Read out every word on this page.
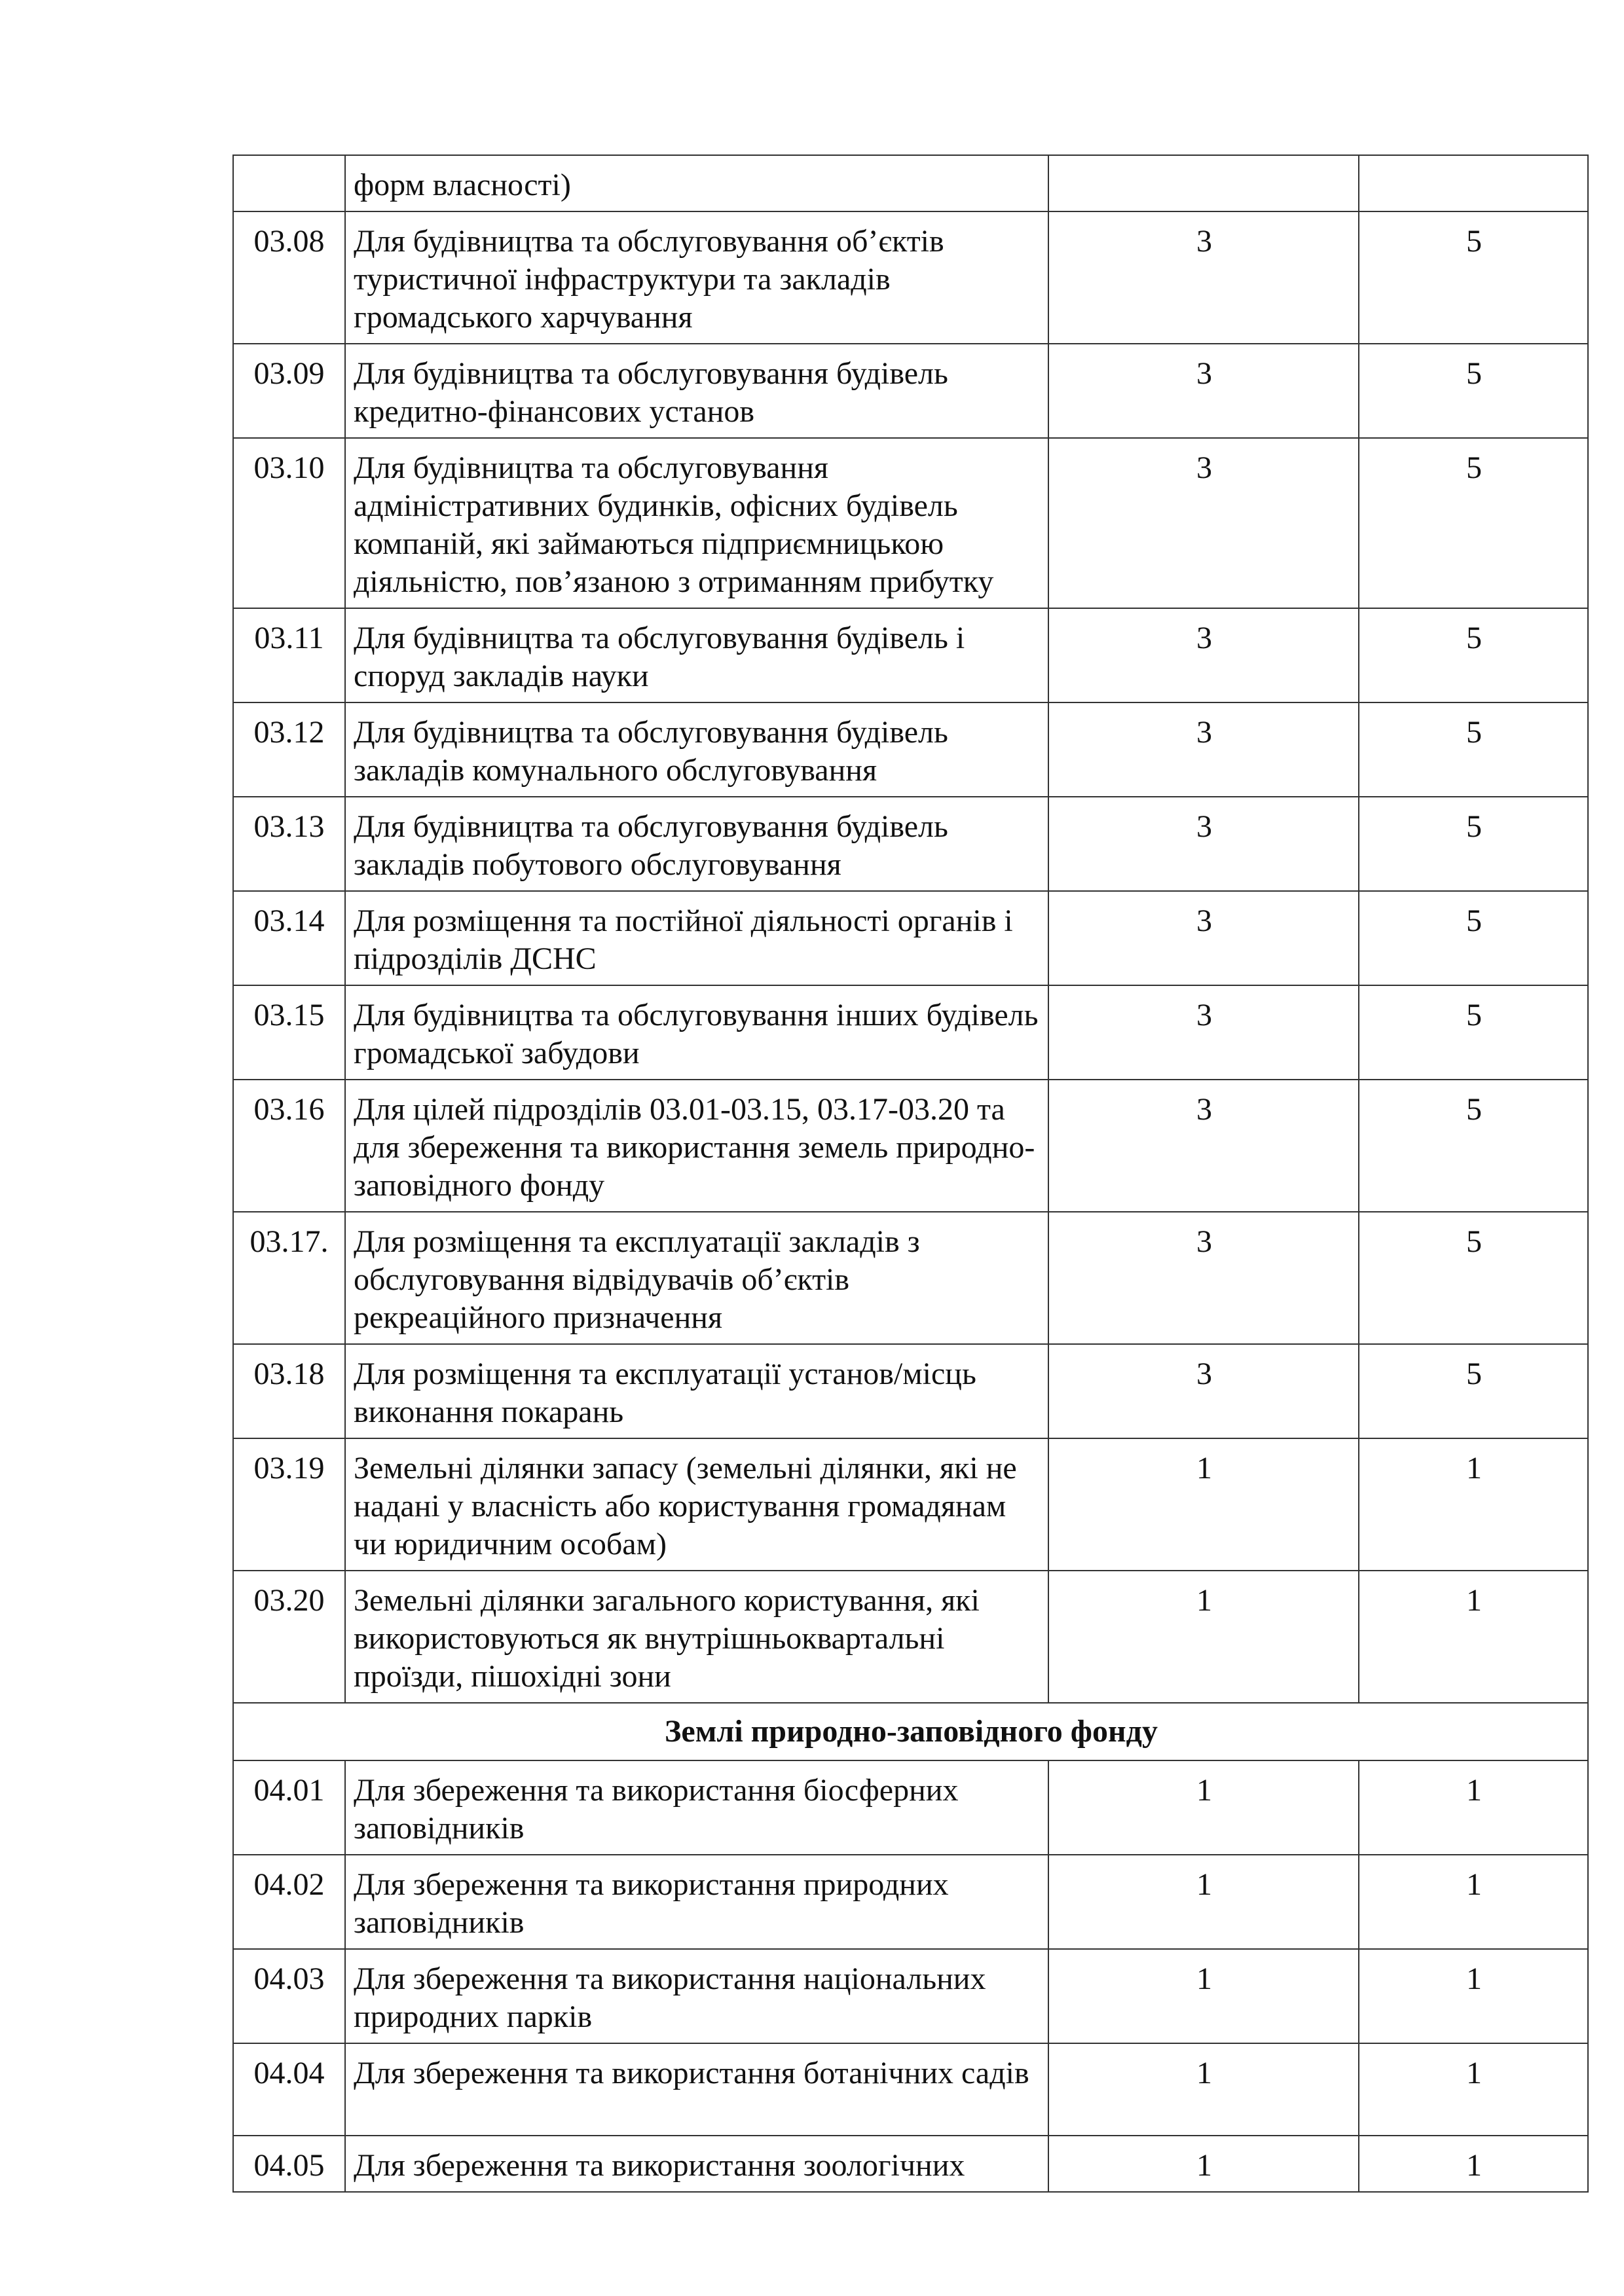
	форм власності)		
03.08	Для будівництва та обслуговування об’єктів туристичної інфраструктури та закладів громадського харчування	3	5
03.09	Для будівництва та обслуговування будівель кредитно-фінансових установ	3	5
03.10	Для будівництва та обслуговування адміністративних будинків, офісних будівель компаній, які займаються підприємницькою діяльністю, пов’язаною з отриманням прибутку	3	5
03.11	Для будівництва та обслуговування будівель і споруд закладів науки	3	5
03.12	Для будівництва та обслуговування будівель закладів комунального обслуговування	3	5
03.13	Для будівництва та обслуговування будівель закладів побутового обслуговування	3	5
03.14	Для розміщення та постійної діяльності органів і підрозділів ДСНС	3	5
03.15	Для будівництва та обслуговування інших будівель громадської забудови	3	5
03.16	Для цілей підрозділів 03.01-03.15, 03.17-03.20 та для збереження та використання земель природно-заповідного фонду	3	5
03.17.	Для розміщення та експлуатації закладів з обслуговування відвідувачів об’єктів рекреаційного призначення	3	5
03.18	Для розміщення та експлуатації установ/місць виконання покарань	3	5
03.19	Земельні ділянки запасу (земельні ділянки, які не надані у власність або користування громадянам чи юридичним особам)	1	1
03.20	Земельні ділянки загального користування, які використовуються як внутрішньоквартальні проїзди, пішохідні зони	1	1
Землі природно-заповідного фонду			
04.01	Для збереження та використання біосферних заповідників	1	1
04.02	Для збереження та використання природних заповідників	1	1
04.03	Для збереження та використання національних природних парків	1	1
04.04	Для збереження та використання ботанічних садів	1	1
04.05	Для збереження та використання зоологічних	1	1
